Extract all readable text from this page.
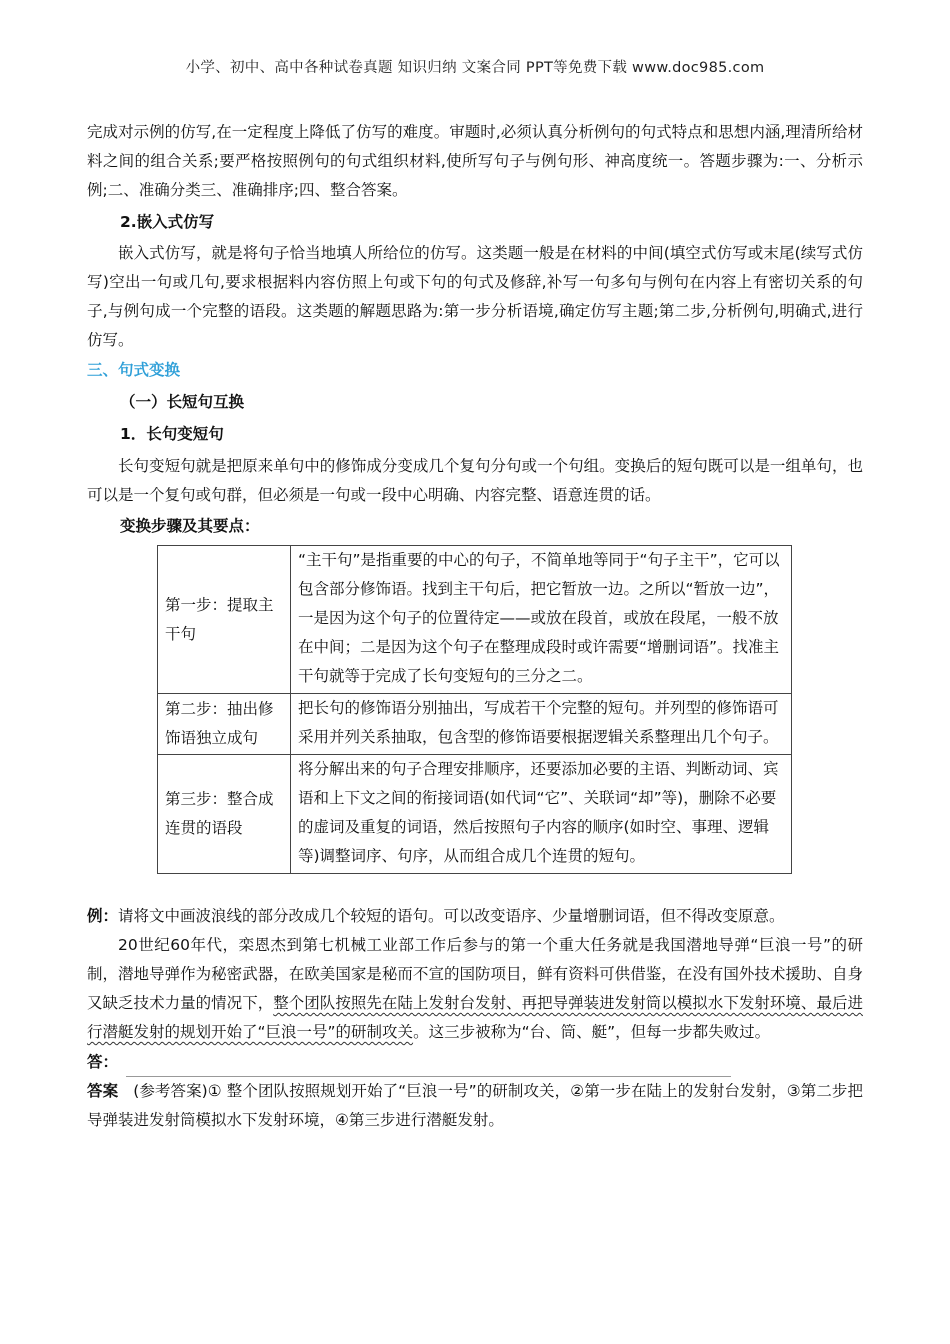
小学、初中、高中各种试卷真题 知识归纳 文案合同 PPT等免费下载 www.doc985.com

完成对示例的仿写,在一定程度上降低了仿写的难度。审题时,必须认真分析例句的句式特点和思想内涵,理清所给材料之间的组合关系;要严格按照例句的句式组织材料,使所写句子与例句形、神高度统一。答题步骤为:一、分析示例;二、准确分类三、准确排序;四、整合答案。

2.嵌入式仿写

嵌入式仿写，就是将句子恰当地填人所给位的仿写。这类题一般是在材料的中间(填空式仿写或末尾(续写式仿写)空出一句或几句,要求根据料内容仿照上句或下句的句式及修辞,补写一句多句与例句在内容上有密切关系的句子,与例句成一个完整的语段。这类题的解题思路为:第一步分析语境,确定仿写主题;第二步,分析例句,明确式,进行仿写。

三、句式变换
（一）长短句互换
1．长句变短句

长句变短句就是把原来单句中的修饰成分变成几个复句分句或一个句组。变换后的短句既可以是一组单句，也可以是一个复句或句群，但必须是一句或一段中心明确、内容完整、语意连贯的话。

变换步骤及其要点：
第一步：提取主干句	“主干句”是指重要的中心的句子，不简单地等同于“句子主干”，它可以包含部分修饰语。找到主干句后，把它暂放一边。之所以“暂放一边”，一是因为这个句子的位置待定——或放在段首，或放在段尾，一般不放在中间；二是因为这个句子在整理成段时或许需要“增删词语”。找准主干句就等于完成了长句变短句的三分之二。
第二步：抽出修饰语独立成句	把长句的修饰语分别抽出，写成若干个完整的短句。并列型的修饰语可采用并列关系抽取，包含型的修饰语要根据逻辑关系整理出几个句子。
第三步：整合成连贯的语段	将分解出来的句子合理安排顺序，还要添加必要的主语、判断动词、宾语和上下文之间的衔接词语(如代词“它”、关联词“却”等)，删除不必要的虚词及重复的词语，然后按照句子内容的顺序(如时空、事理、逻辑等)调整词序、句序，从而组合成几个连贯的短句。

例：请将文中画波浪线的部分改成几个较短的语句。可以改变语序、少量增删词语，但不得改变原意。

20世纪60年代，栾恩杰到第七机械工业部工作后参与的第一个重大任务就是我国潜地导弹“巨浪一号”的研制，潜地导弹作为秘密武器，在欧美国家是秘而不宣的国防项目，鲜有资料可供借鉴，在没有国外技术援助、自身又缺乏技术力量的情况下，整个团队按照先在陆上发射台发射、再把导弹装进发射筒以模拟水下发射环境、最后进行潜艇发射的规划开始了“巨浪一号”的研制攻关。这三步被称为“台、筒、艇”，但每一步都失败过。

答：

答案 (参考答案)① 整个团队按照规划开始了“巨浪一号”的研制攻关，②第一步在陆上的发射台发射，③第二步把导弹装进发射筒模拟水下发射环境，④第三步进行潜艇发射。
